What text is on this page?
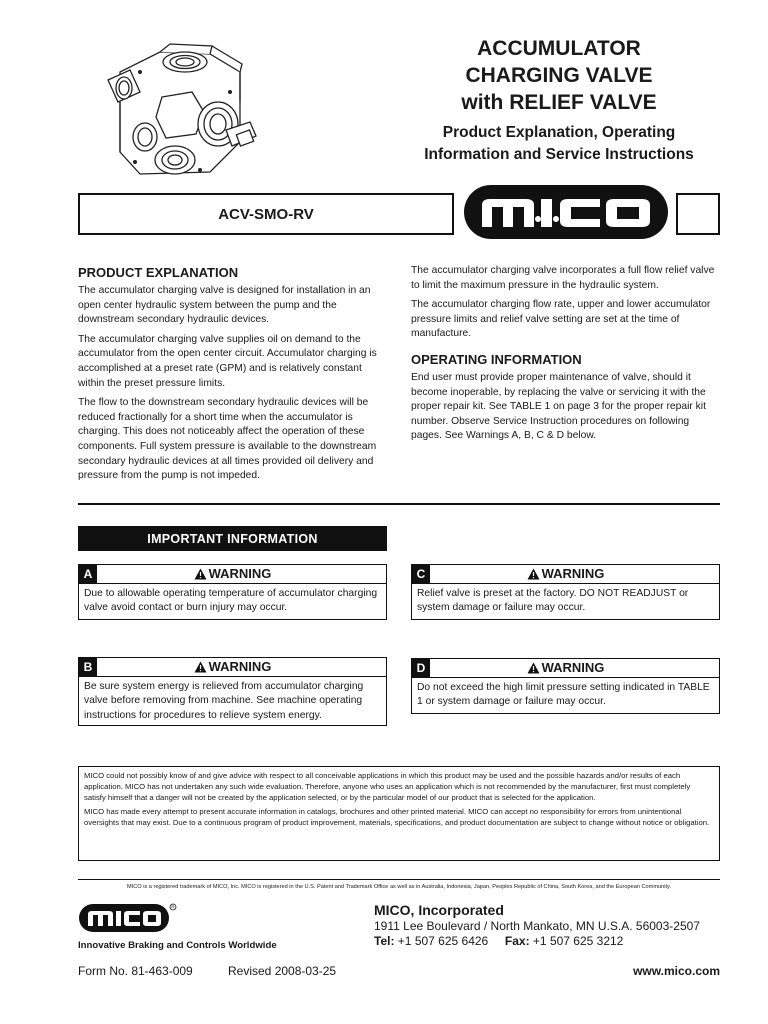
ACCUMULATOR
CHARGING VALVE
with RELIEF VALVE
Product Explanation, Operating
Information and Service Instructions
ACV-SMO-RV
PRODUCT EXPLANATION

The accumulator charging valve is designed for installation in an open center hydraulic system between the pump and the downstream secondary hydraulic devices.

The accumulator charging valve supplies oil on demand to the accumulator from the open center circuit. Accumulator charging is accomplished at a preset rate (GPM) and is relatively constant within the preset pressure limits.

The flow to the downstream secondary hydraulic devices will be reduced fractionally for a short time when the accumulator is charging. This does not noticeably affect the operation of these components. Full system pressure is available to the downstream secondary hydraulic devices at all times provided oil delivery and pressure from the pump is not impeded.

The accumulator charging valve incorporates a full flow relief valve to limit the maximum pressure in the hydraulic system.

The accumulator charging flow rate, upper and lower accumulator pressure limits and relief valve setting are set at the time of manufacture.

OPERATING INFORMATION

End user must provide proper maintenance of valve, should it become inoperable, by replacing the valve or servicing it with the proper repair kit. See TABLE 1 on page 3 for the proper repair kit number. Observe Service Instruction procedures on following pages. See Warnings A, B, C & D below.

IMPORTANT INFORMATION
A	WARNING
Due to allowable operating temperature of accumulator charging valve avoid contact or burn injury may occur.
C	WARNING
Relief valve is preset at the factory. DO NOT READJUST or system damage or failure may occur.
B	WARNING
Be sure system energy is relieved from accumulator charging valve before removing from machine. See machine operating instructions for procedures to relieve system energy.
D	WARNING
Do not exceed the high limit pressure setting indicated in TABLE 1 or system damage or failure may occur.

MICO could not possibly know of and give advice with respect to all conceivable applications in which this product may be used and the possible hazards and/or results of each application. MICO has not undertaken any such wide evaluation. Therefore, anyone who uses an application which is not recommended by the manufacturer, first must completely satisfy himself that a danger will not be created by the application selected, or by the particular model of our product that is selected for the application.

MICO has made every attempt to present accurate information in catalogs, brochures and other printed material. MICO can accept no responsibility for errors from unintentional oversights that may exist. Due to a continuous program of product improvement, materials, specifications, and product documentation are subject to change without notice or obligation.

MICO is a registered trademark of MICO, Inc. MICO is registered in the U.S. Patent and Trademark Office as well as in Australia, Indonesia, Japan, Peoples Republic of China, South Korea, and the European Community.
R
Innovative Braking and Controls Worldwide
MICO, Incorporated
1911 Lee Boulevard / North Mankato, MN U.S.A. 56003-2507
Tel: +1 507 625 6426 Fax: +1 507 625 3212
Form No. 81-463-009	Revised 2008-03-25	www.mico.com
